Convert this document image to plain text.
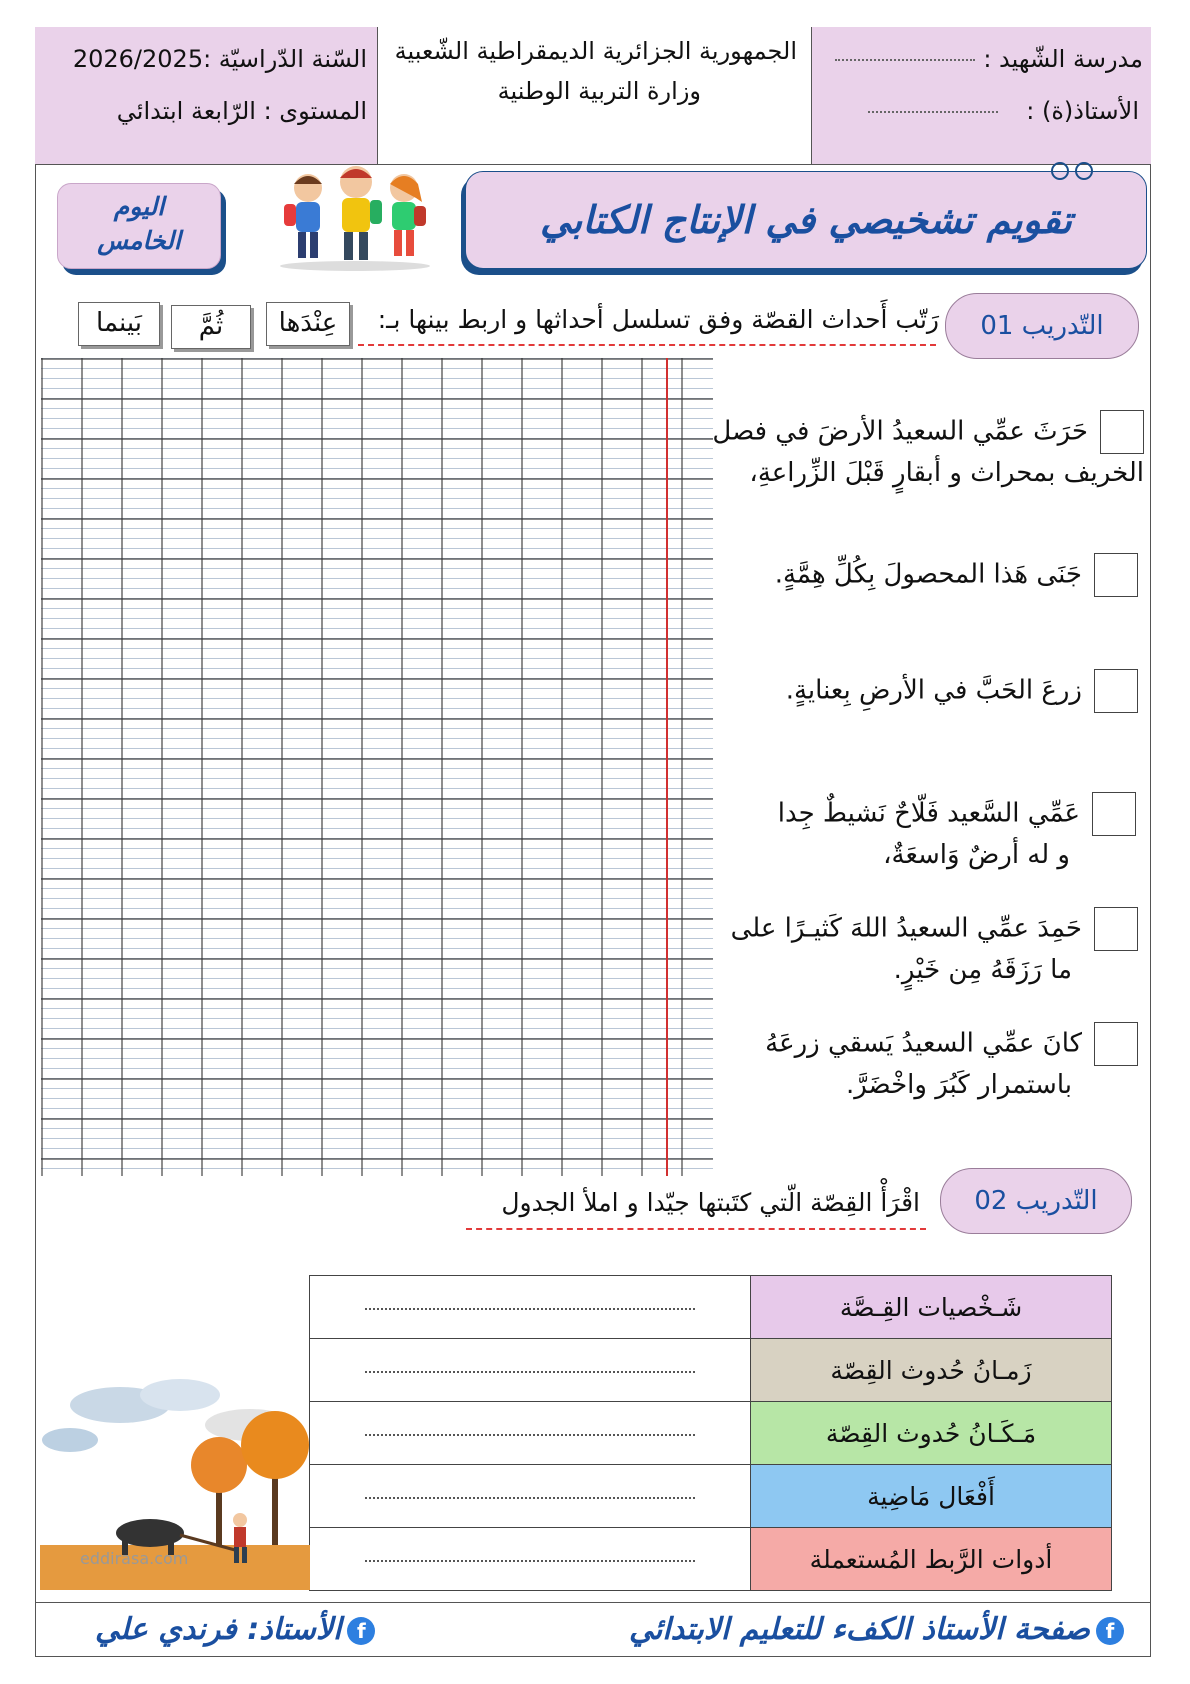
السّنة الدّراسيّة :2026/2025
المستوى : الرّابعة ابتدائي
الجمهورية الجزائرية الديمقراطية الشّعبية
وزارة التربية الوطنية
مدرسة الشّهيد :
الأستاذ(ة) :
اليوم
الخامس	تقويم تشخيصي في الإنتاج الكتابي
التّدريب 01
رَتّب أَحداث القصّة وفق تسلسل أحداثها و اربط بينها بـ:
عِنْدَها
ثُمَّ
بَينما
حَرَثَ عمِّي السعيدُ الأرضَ في فصل
الخريف بمحراث و أبقارٍ قَبْلَ الزِّراعةِ،
جَنَى هَذا المحصولَ بِكُلِّ هِمَّةٍ.
زرعَ الحَبَّ في الأرضِ بِعنايةٍ.
عَمِّي السَّعيد فَلّاحٌ نَشيطٌ جِدا
و له أرضٌ وَاسعَةٌ،
حَمِدَ عمِّي السعيدُ اللهَ كَثيـرًا على
ما رَزَقَهُ مِن خَيْرٍ.
كانَ عمِّي السعيدُ يَسقي زرعَهُ
باستمرار كَبُرَ واخْضَرَّ.
التّدريب 02
اقْرَأْ القِصّة الّتي كتَبتها جيّدا و املأ الجدول
شَـخْصيات القِـصَّة	
زَمـانُ حُدوث القِصّة	
مَـكَـانُ حُدوث القِصّة	
أَفْعَال مَاضِية	
أدوات الرَّبط المُستعملة	
eddirasa.com
fصفحة الأستاذ الكفء للتعليم الابتدائي
fالأستاذ: فرندي علي
